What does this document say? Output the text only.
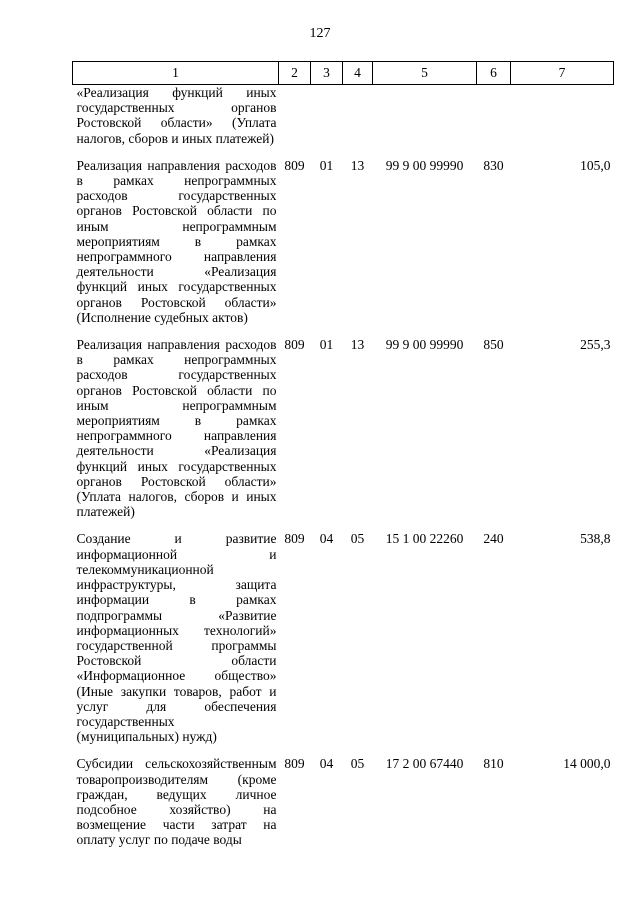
127
1	2	3	4	5	6	7
«Реализация функций иных государственных органов Ростовской области» (Уплата налогов, сборов и иных платежей)						
Реализация направления расходов в рамках непрограммных расходов государственных органов Ростовской области по иным непрограммным мероприятиям в рамках непрограммного направления деятельности «Реализация функций иных государственных органов Ростовской области» (Исполнение судебных актов)	809	01	13	99 9 00 99990	830	105,0
Реализация направления расходов в рамках непрограммных расходов государственных органов Ростовской области по иным непрограммным мероприятиям в рамках непрограммного направления деятельности «Реализация функций иных государственных органов Ростовской области» (Уплата налогов, сборов и иных платежей)	809	01	13	99 9 00 99990	850	255,3
Создание и развитие информационной и телекоммуникационной инфраструктуры, защита информации в рамках подпрограммы «Развитие информационных технологий» государственной программы Ростовской области «Информационное общество» (Иные закупки товаров, работ и услуг для обеспечения государственных (муниципальных) нужд)	809	04	05	15 1 00 22260	240	538,8
Субсидии сельскохозяйственным товаропроизводителям (кроме граждан, ведущих личное подсобное хозяйство) на возмещение части затрат на оплату услуг по подаче воды	809	04	05	17 2 00 67440	810	14 000,0
